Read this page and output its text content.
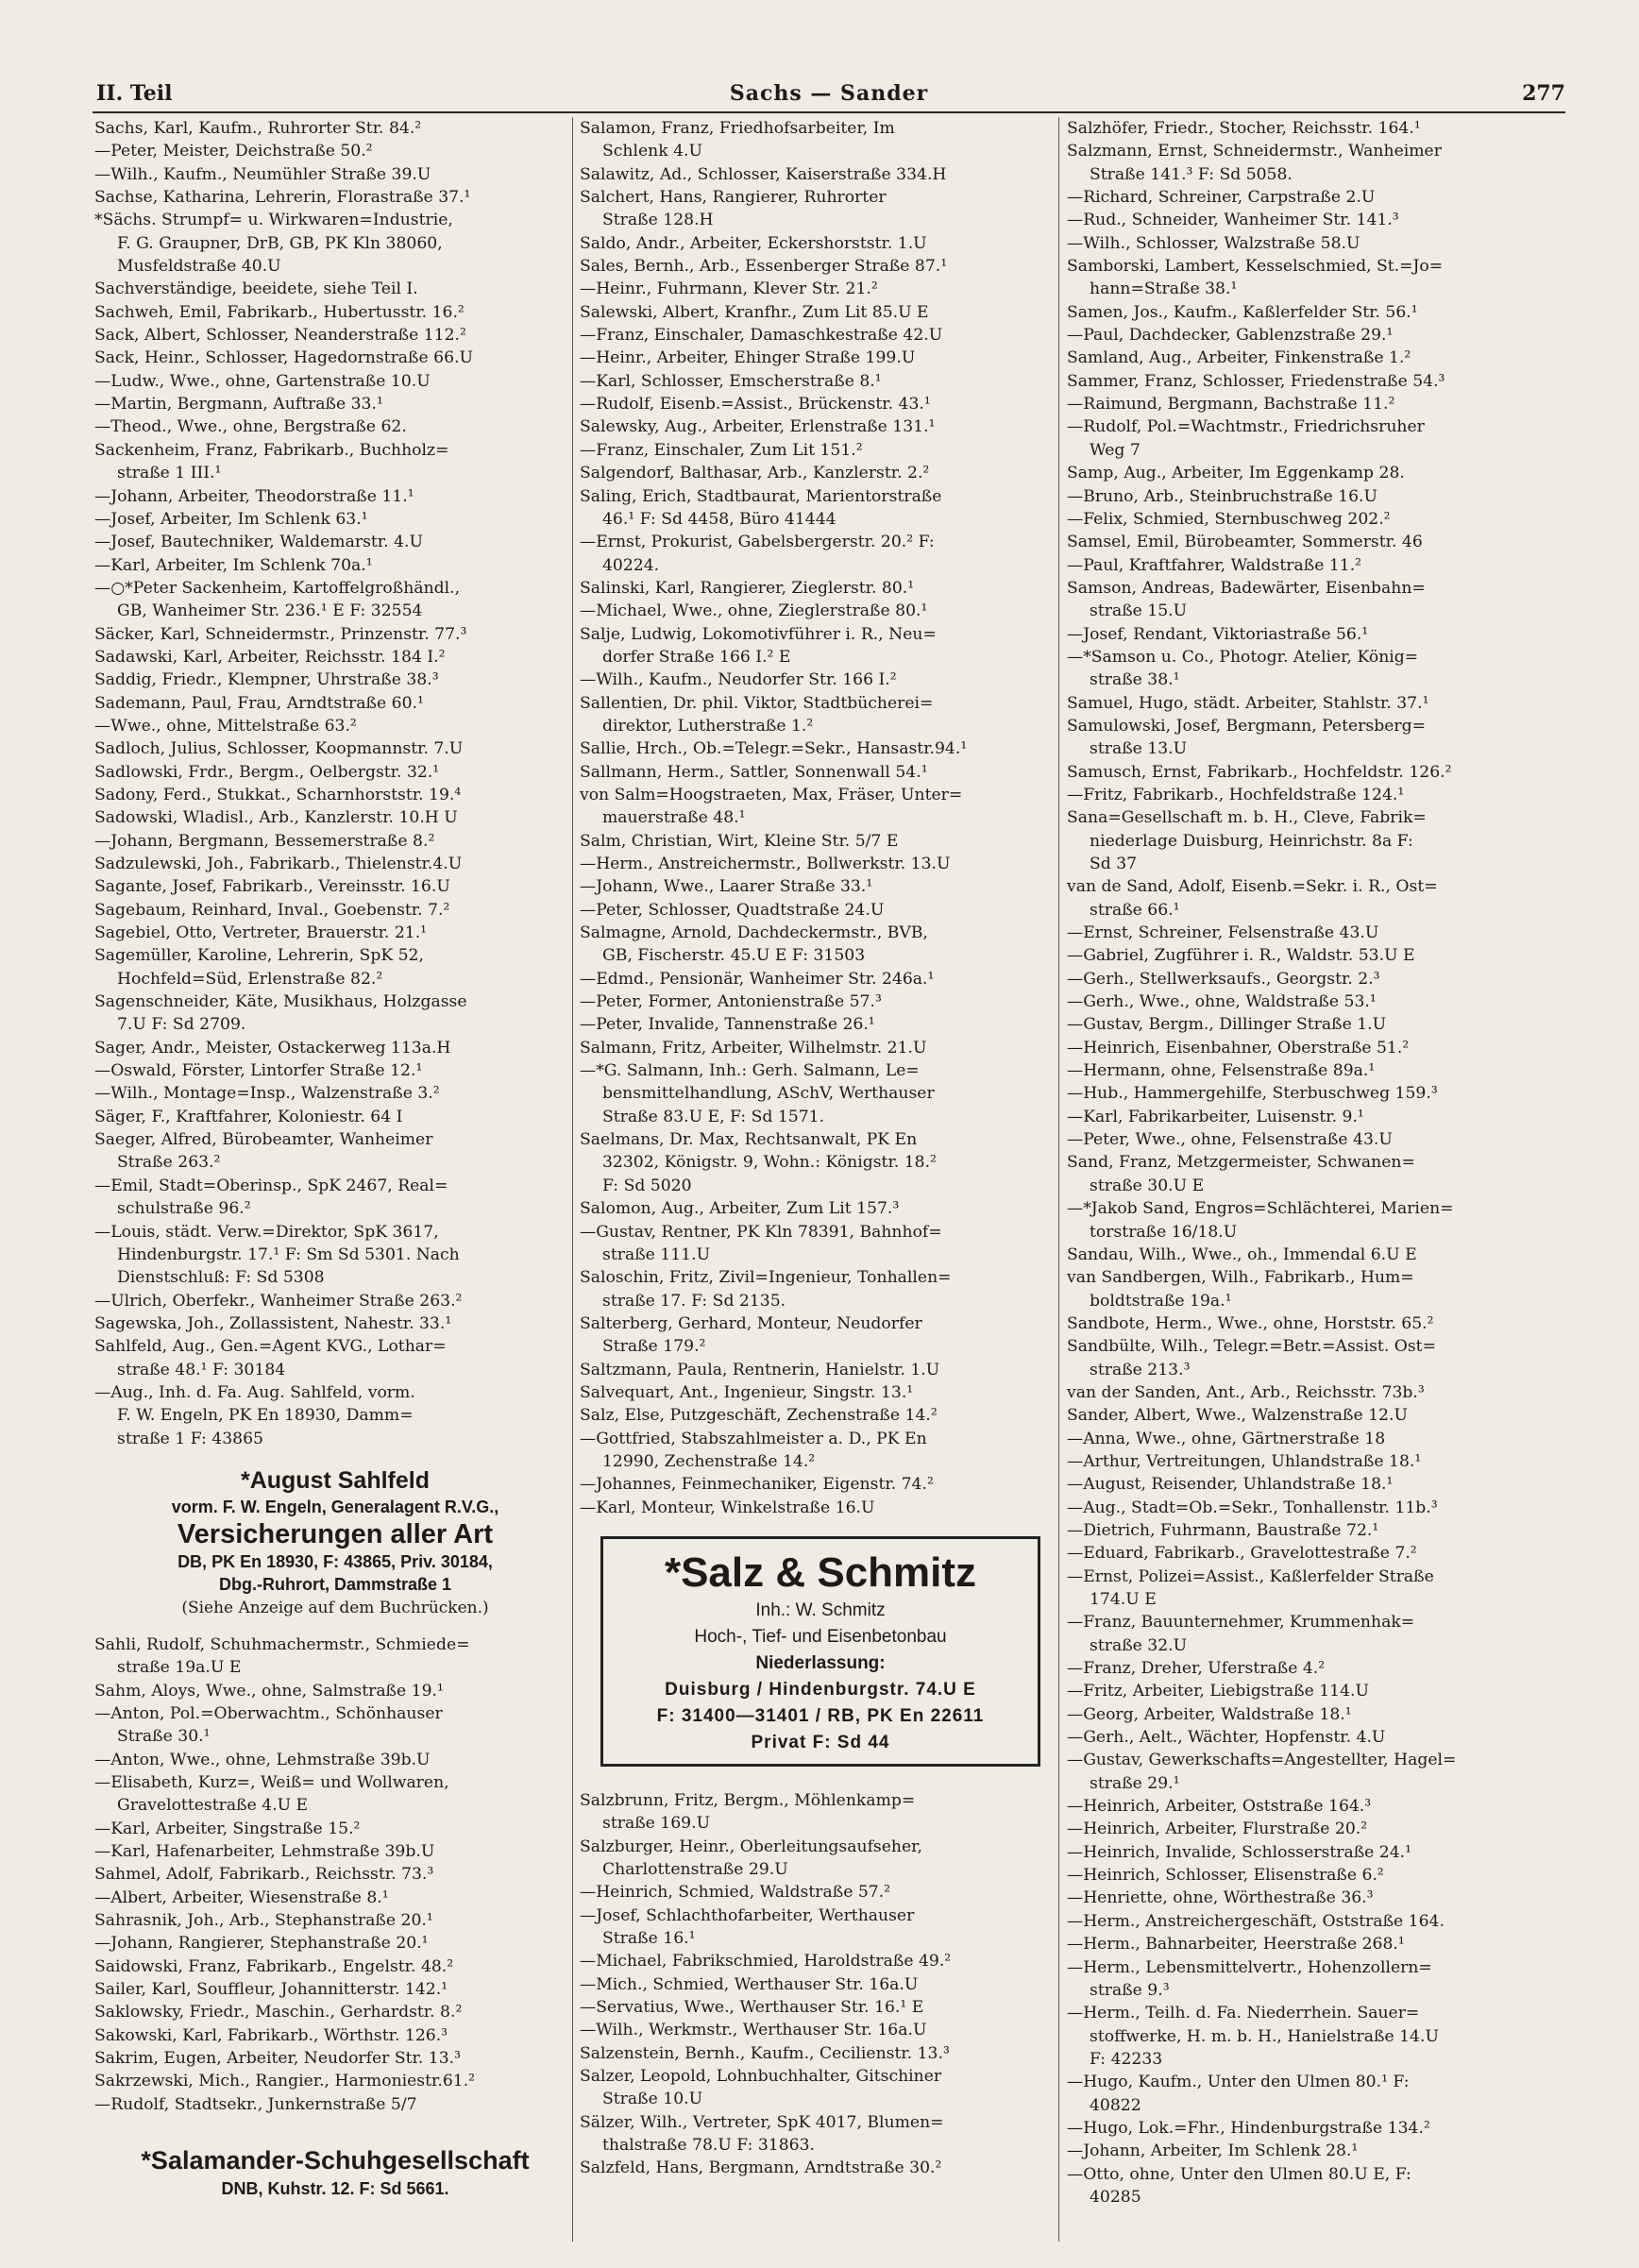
II. Teil	Sachs — Sander	277
Sachs, Karl, Kaufm., Ruhrorter Str. 84.²
—Peter, Meister, Deichstraße 50.²
—Wilh., Kaufm., Neumühler Straße 39.U
Sachse, Katharina, Lehrerin, Florastraße 37.¹
*Sächs. Strumpf= u. Wirkwaren=Industrie,
F. G. Graupner, DrB, GB, PK Kln 38060,
Musfeldstraße 40.U
Sachverständige, beeidete, siehe Teil I.
Sachweh, Emil, Fabrikarb., Hubertusstr. 16.²
Sack, Albert, Schlosser, Neanderstraße 112.²
Sack, Heinr., Schlosser, Hagedornstraße 66.U
—Ludw., Wwe., ohne, Gartenstraße 10.U
—Martin, Bergmann, Auftraße 33.¹
—Theod., Wwe., ohne, Bergstraße 62.
Sackenheim, Franz, Fabrikarb., Buchholz=
straße 1 III.¹
—Johann, Arbeiter, Theodorstraße 11.¹
—Josef, Arbeiter, Im Schlenk 63.¹
—Josef, Bautechniker, Waldemarstr. 4.U
—Karl, Arbeiter, Im Schlenk 70a.¹
—○*Peter Sackenheim, Kartoffelgroßhändl.,
GB, Wanheimer Str. 236.¹ E F: 32554
Säcker, Karl, Schneidermstr., Prinzenstr. 77.³
Sadawski, Karl, Arbeiter, Reichsstr. 184 I.²
Saddig, Friedr., Klempner, Uhrstraße 38.³
Sademann, Paul, Frau, Arndtstraße 60.¹
—Wwe., ohne, Mittelstraße 63.²
Sadloch, Julius, Schlosser, Koopmannstr. 7.U
Sadlowski, Frdr., Bergm., Oelbergstr. 32.¹
Sadony, Ferd., Stukkat., Scharnhorststr. 19.⁴
Sadowski, Wladisl., Arb., Kanzlerstr. 10.H U
—Johann, Bergmann, Bessemerstraße 8.²
Sadzulewski, Joh., Fabrikarb., Thielenstr.4.U
Sagante, Josef, Fabrikarb., Vereinsstr. 16.U
Sagebaum, Reinhard, Inval., Goebenstr. 7.²
Sagebiel, Otto, Vertreter, Brauerstr. 21.¹
Sagemüller, Karoline, Lehrerin, SpK 52,
Hochfeld=Süd, Erlenstraße 82.²
Sagenschneider, Käte, Musikhaus, Holzgasse
7.U F: Sd 2709.
Sager, Andr., Meister, Ostackerweg 113a.H
—Oswald, Förster, Lintorfer Straße 12.¹
—Wilh., Montage=Insp., Walzenstraße 3.²
Säger, F., Kraftfahrer, Koloniestr. 64 I
Saeger, Alfred, Bürobeamter, Wanheimer
Straße 263.²
—Emil, Stadt=Oberinsp., SpK 2467, Real=
schulstraße 96.²
—Louis, städt. Verw.=Direktor, SpK 3617,
Hindenburgstr. 17.¹ F: Sm Sd 5301. Nach
Dienstschluß: F: Sd 5308
—Ulrich, Oberfekr., Wanheimer Straße 263.²
Sagewska, Joh., Zollassistent, Nahestr. 33.¹
Sahlfeld, Aug., Gen.=Agent KVG., Lothar=
straße 48.¹ F: 30184
—Aug., Inh. d. Fa. Aug. Sahlfeld, vorm.
F. W. Engeln, PK En 18930, Damm=
straße 1 F: 43865
*August Sahlfeld
vorm. F. W. Engeln, Generalagent R.V.G.,
Versicherungen aller Art
DB, PK En 18930, F: 43865, Priv. 30184,
Dbg.-Ruhrort, Dammstraße 1
(Siehe Anzeige auf dem Buchrücken.)
Sahli, Rudolf, Schuhmachermstr., Schmiede=
straße 19a.U E
Sahm, Aloys, Wwe., ohne, Salmstraße 19.¹
—Anton, Pol.=Oberwachtm., Schönhauser
Straße 30.¹
—Anton, Wwe., ohne, Lehmstraße 39b.U
—Elisabeth, Kurz=, Weiß= und Wollwaren,
Gravelottestraße 4.U E
—Karl, Arbeiter, Singstraße 15.²
—Karl, Hafenarbeiter, Lehmstraße 39b.U
Sahmel, Adolf, Fabrikarb., Reichsstr. 73.³
—Albert, Arbeiter, Wiesenstraße 8.¹
Sahrasnik, Joh., Arb., Stephanstraße 20.¹
—Johann, Rangierer, Stephanstraße 20.¹
Saidowski, Franz, Fabrikarb., Engelstr. 48.²
Sailer, Karl, Souffleur, Johannitterstr. 142.¹
Saklowsky, Friedr., Maschin., Gerhardstr. 8.²
Sakowski, Karl, Fabrikarb., Wörthstr. 126.³
Sakrim, Eugen, Arbeiter, Neudorfer Str. 13.³
Sakrzewski, Mich., Rangier., Harmoniestr.61.²
—Rudolf, Stadtsekr., Junkernstraße 5/7
*Salamander-Schuhgesellschaft
DNB, Kuhstr. 12. F: Sd 5661.
Salamon, Franz, Friedhofsarbeiter, Im
Schlenk 4.U
Salawitz, Ad., Schlosser, Kaiserstraße 334.H
Salchert, Hans, Rangierer, Ruhrorter
Straße 128.H
Saldo, Andr., Arbeiter, Eckershorststr. 1.U
Sales, Bernh., Arb., Essenberger Straße 87.¹
—Heinr., Fuhrmann, Klever Str. 21.²
Salewski, Albert, Kranfhr., Zum Lit 85.U E
—Franz, Einschaler, Damaschkestraße 42.U
—Heinr., Arbeiter, Ehinger Straße 199.U
—Karl, Schlosser, Emscherstraße 8.¹
—Rudolf, Eisenb.=Assist., Brückenstr. 43.¹
Salewsky, Aug., Arbeiter, Erlenstraße 131.¹
—Franz, Einschaler, Zum Lit 151.²
Salgendorf, Balthasar, Arb., Kanzlerstr. 2.²
Saling, Erich, Stadtbaurat, Marientorstraße
46.¹ F: Sd 4458, Büro 41444
—Ernst, Prokurist, Gabelsbergerstr. 20.² F:
40224.
Salinski, Karl, Rangierer, Zieglerstr. 80.¹
—Michael, Wwe., ohne, Zieglerstraße 80.¹
Salje, Ludwig, Lokomotivführer i. R., Neu=
dorfer Straße 166 I.² E
—Wilh., Kaufm., Neudorfer Str. 166 I.²
Sallentien, Dr. phil. Viktor, Stadtbücherei=
direktor, Lutherstraße 1.²
Sallie, Hrch., Ob.=Telegr.=Sekr., Hansastr.94.¹
Sallmann, Herm., Sattler, Sonnenwall 54.¹
von Salm=Hoogstraeten, Max, Fräser, Unter=
mauerstraße 48.¹
Salm, Christian, Wirt, Kleine Str. 5/7 E
—Herm., Anstreichermstr., Bollwerkstr. 13.U
—Johann, Wwe., Laarer Straße 33.¹
—Peter, Schlosser, Quadtstraße 24.U
Salmagne, Arnold, Dachdeckermstr., BVB,
GB, Fischerstr. 45.U E F: 31503
—Edmd., Pensionär, Wanheimer Str. 246a.¹
—Peter, Former, Antonienstraße 57.³
—Peter, Invalide, Tannenstraße 26.¹
Salmann, Fritz, Arbeiter, Wilhelmstr. 21.U
—*G. Salmann, Inh.: Gerh. Salmann, Le=
bensmittelhandlung, ASchV, Werthauser
Straße 83.U E, F: Sd 1571.
Saelmans, Dr. Max, Rechtsanwalt, PK En
32302, Königstr. 9, Wohn.: Königstr. 18.²
F: Sd 5020
Salomon, Aug., Arbeiter, Zum Lit 157.³
—Gustav, Rentner, PK Kln 78391, Bahnhof=
straße 111.U
Saloschin, Fritz, Zivil=Ingenieur, Tonhallen=
straße 17. F: Sd 2135.
Salterberg, Gerhard, Monteur, Neudorfer
Straße 179.²
Saltzmann, Paula, Rentnerin, Hanielstr. 1.U
Salvequart, Ant., Ingenieur, Singstr. 13.¹
Salz, Else, Putzgeschäft, Zechenstraße 14.²
—Gottfried, Stabszahlmeister a. D., PK En
12990, Zechenstraße 14.²
—Johannes, Feinmechaniker, Eigenstr. 74.²
—Karl, Monteur, Winkelstraße 16.U
*Salz & Schmitz
Inh.: W. Schmitz
Hoch-, Tief- und Eisenbetonbau
Niederlassung:
Duisburg / Hindenburgstr. 74.U E
F: 31400—31401 / RB, PK En 22611
Privat F: Sd 44
Salzbrunn, Fritz, Bergm., Möhlenkamp=
straße 169.U
Salzburger, Heinr., Oberleitungsaufseher,
Charlottenstraße 29.U
—Heinrich, Schmied, Waldstraße 57.²
—Josef, Schlachthofarbeiter, Werthauser
Straße 16.¹
—Michael, Fabrikschmied, Haroldstraße 49.²
—Mich., Schmied, Werthauser Str. 16a.U
—Servatius, Wwe., Werthauser Str. 16.¹ E
—Wilh., Werkmstr., Werthauser Str. 16a.U
Salzenstein, Bernh., Kaufm., Cecilienstr. 13.³
Salzer, Leopold, Lohnbuchhalter, Gitschiner
Straße 10.U
Sälzer, Wilh., Vertreter, SpK 4017, Blumen=
thalstraße 78.U F: 31863.
Salzfeld, Hans, Bergmann, Arndtstraße 30.²
Salzhöfer, Friedr., Stocher, Reichsstr. 164.¹
Salzmann, Ernst, Schneidermstr., Wanheimer
Straße 141.³ F: Sd 5058.
—Richard, Schreiner, Carpstraße 2.U
—Rud., Schneider, Wanheimer Str. 141.³
—Wilh., Schlosser, Walzstraße 58.U
Samborski, Lambert, Kesselschmied, St.=Jo=
hann=Straße 38.¹
Samen, Jos., Kaufm., Kaßlerfelder Str. 56.¹
—Paul, Dachdecker, Gablenzstraße 29.¹
Samland, Aug., Arbeiter, Finkenstraße 1.²
Sammer, Franz, Schlosser, Friedenstraße 54.³
—Raimund, Bergmann, Bachstraße 11.²
—Rudolf, Pol.=Wachtmstr., Friedrichsruher
Weg 7
Samp, Aug., Arbeiter, Im Eggenkamp 28.
—Bruno, Arb., Steinbruchstraße 16.U
—Felix, Schmied, Sternbuschweg 202.²
Samsel, Emil, Bürobeamter, Sommerstr. 46
—Paul, Kraftfahrer, Waldstraße 11.²
Samson, Andreas, Badewärter, Eisenbahn=
straße 15.U
—Josef, Rendant, Viktoriastraße 56.¹
—*Samson u. Co., Photogr. Atelier, König=
straße 38.¹
Samuel, Hugo, städt. Arbeiter, Stahlstr. 37.¹
Samulowski, Josef, Bergmann, Petersberg=
straße 13.U
Samusch, Ernst, Fabrikarb., Hochfeldstr. 126.²
—Fritz, Fabrikarb., Hochfeldstraße 124.¹
Sana=Gesellschaft m. b. H., Cleve, Fabrik=
niederlage Duisburg, Heinrichstr. 8a F:
Sd 37
van de Sand, Adolf, Eisenb.=Sekr. i. R., Ost=
straße 66.¹
—Ernst, Schreiner, Felsenstraße 43.U
—Gabriel, Zugführer i. R., Waldstr. 53.U E
—Gerh., Stellwerksaufs., Georgstr. 2.³
—Gerh., Wwe., ohne, Waldstraße 53.¹
—Gustav, Bergm., Dillinger Straße 1.U
—Heinrich, Eisenbahner, Oberstraße 51.²
—Hermann, ohne, Felsenstraße 89a.¹
—Hub., Hammergehilfe, Sterbuschweg 159.³
—Karl, Fabrikarbeiter, Luisenstr. 9.¹
—Peter, Wwe., ohne, Felsenstraße 43.U
Sand, Franz, Metzgermeister, Schwanen=
straße 30.U E
—*Jakob Sand, Engros=Schlächterei, Marien=
torstraße 16/18.U
Sandau, Wilh., Wwe., oh., Immendal 6.U E
van Sandbergen, Wilh., Fabrikarb., Hum=
boldtstraße 19a.¹
Sandbote, Herm., Wwe., ohne, Horststr. 65.²
Sandbülte, Wilh., Telegr.=Betr.=Assist. Ost=
straße 213.³
van der Sanden, Ant., Arb., Reichsstr. 73b.³
Sander, Albert, Wwe., Walzenstraße 12.U
—Anna, Wwe., ohne, Gärtnerstraße 18
—Arthur, Vertreitungen, Uhlandstraße 18.¹
—August, Reisender, Uhlandstraße 18.¹
—Aug., Stadt=Ob.=Sekr., Tonhallenstr. 11b.³
—Dietrich, Fuhrmann, Baustraße 72.¹
—Eduard, Fabrikarb., Gravelottestraße 7.²
—Ernst, Polizei=Assist., Kaßlerfelder Straße
174.U E
—Franz, Bauunternehmer, Krummenhak=
straße 32.U
—Franz, Dreher, Uferstraße 4.²
—Fritz, Arbeiter, Liebigstraße 114.U
—Georg, Arbeiter, Waldstraße 18.¹
—Gerh., Aelt., Wächter, Hopfenstr. 4.U
—Gustav, Gewerkschafts=Angestellter, Hagel=
straße 29.¹
—Heinrich, Arbeiter, Oststraße 164.³
—Heinrich, Arbeiter, Flurstraße 20.²
—Heinrich, Invalide, Schlosserstraße 24.¹
—Heinrich, Schlosser, Elisenstraße 6.²
—Henriette, ohne, Wörthestraße 36.³
—Herm., Anstreichergeschäft, Oststraße 164.
—Herm., Bahnarbeiter, Heerstraße 268.¹
—Herm., Lebensmittelvertr., Hohenzollern=
straße 9.³
—Herm., Teilh. d. Fa. Niederrhein. Sauer=
stoffwerke, H. m. b. H., Hanielstraße 14.U
F: 42233
—Hugo, Kaufm., Unter den Ulmen 80.¹ F:
40822
—Hugo, Lok.=Fhr., Hindenburgstraße 134.²
—Johann, Arbeiter, Im Schlenk 28.¹
—Otto, ohne, Unter den Ulmen 80.U E, F:
40285
